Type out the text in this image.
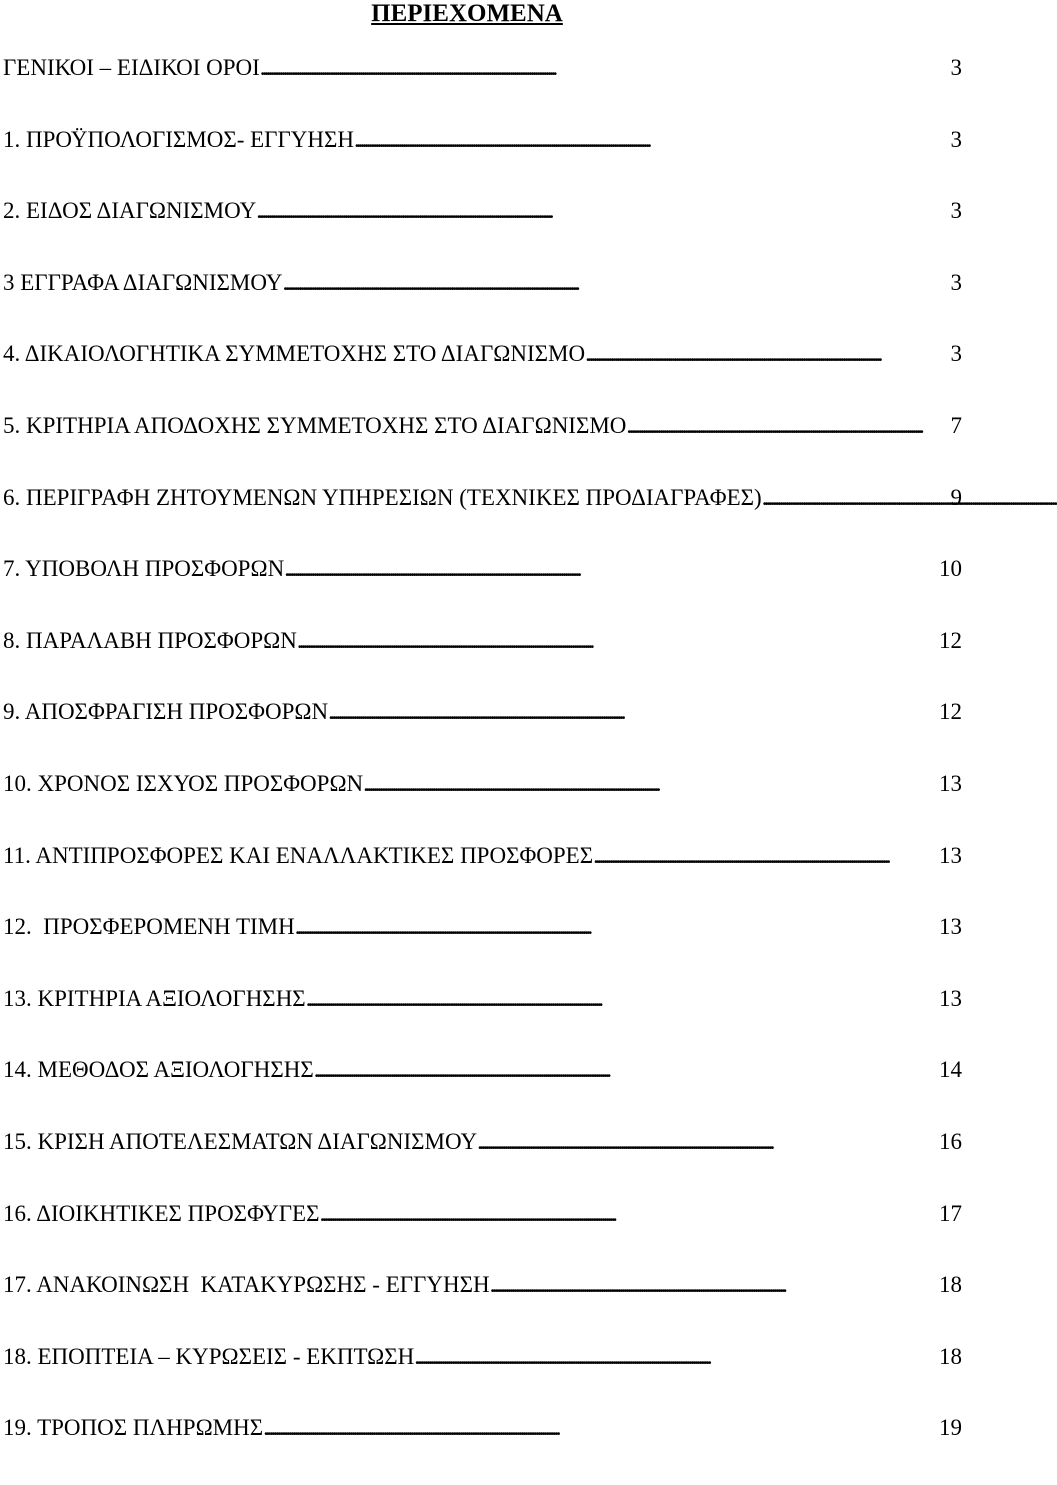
ΠΕΡΙΕΧΟΜΕΝΑ
ΓΕΝΙΚΟΙ – ΕΙΔΙΚΟΙ ΟΡΟΙ . . .	3
1. ΠΡΟΫΠΟΛΟΓΙΣΜΟΣ- ΕΓΓΥΗΣΗ . . .	3
2. ΕΙΔΟΣ ΔΙΑΓΩΝΙΣΜΟΥ . . .	3
3 ΕΓΓΡΑΦΑ ΔΙΑΓΩΝΙΣΜΟΥ . . .	3
4. ΔΙΚΑΙΟΛΟΓΗΤΙΚΑ ΣΥΜΜΕΤΟΧΗΣ ΣΤΟ ΔΙΑΓΩΝΙΣΜΟ . . .	3
5. ΚΡΙΤΗΡΙΑ ΑΠΟΔΟΧΗΣ ΣΥΜΜΕΤΟΧΗΣ ΣΤΟ ΔΙΑΓΩΝΙΣΜΟ . . .	7
6. ΠΕΡΙΓΡΑΦΗ ΖΗΤΟΥΜΕΝΩΝ ΥΠΗΡΕΣΙΩΝ (ΤΕΧΝΙΚΕΣ ΠΡΟΔΙΑΓΡΑΦΕΣ) . . .	9
7. ΥΠΟΒΟΛΗ ΠΡΟΣΦΟΡΩΝ . . .	10
8. ΠΑΡΑΛΑΒΗ ΠΡΟΣΦΟΡΩΝ . . .	12
9. ΑΠΟΣΦΡΑΓΙΣΗ ΠΡΟΣΦΟΡΩΝ . . .	12
10. ΧΡΟΝΟΣ ΙΣΧΥΟΣ ΠΡΟΣΦΟΡΩΝ . . .	13
11. ΑΝΤΙΠΡΟΣΦΟΡΕΣ ΚΑΙ ΕΝΑΛΛΑΚΤΙΚΕΣ ΠΡΟΣΦΟΡΕΣ . . .	13
12.  ΠΡΟΣΦΕΡΟΜΕΝΗ ΤΙΜΗ . . .	13
13. ΚΡΙΤΗΡΙΑ ΑΞΙΟΛΟΓΗΣΗΣ . . .	13
14. ΜΕΘΟΔΟΣ ΑΞΙΟΛΟΓΗΣΗΣ . . .	14
15. ΚΡΙΣΗ ΑΠΟΤΕΛΕΣΜΑΤΩΝ ΔΙΑΓΩΝΙΣΜΟΥ . . .	16
16. ΔΙΟΙΚΗΤΙΚΕΣ ΠΡΟΣΦΥΓΕΣ . . .	17
17. ΑΝΑΚΟΙΝΩΣΗ  ΚΑΤΑΚΥΡΩΣΗΣ - ΕΓΓΥΗΣΗ . . .	18
18. ΕΠΟΠΤΕΙΑ – ΚΥΡΩΣΕΙΣ - ΕΚΠΤΩΣΗ . . .	18
19. ΤΡΟΠΟΣ ΠΛΗΡΩΜΗΣ . . .	19
